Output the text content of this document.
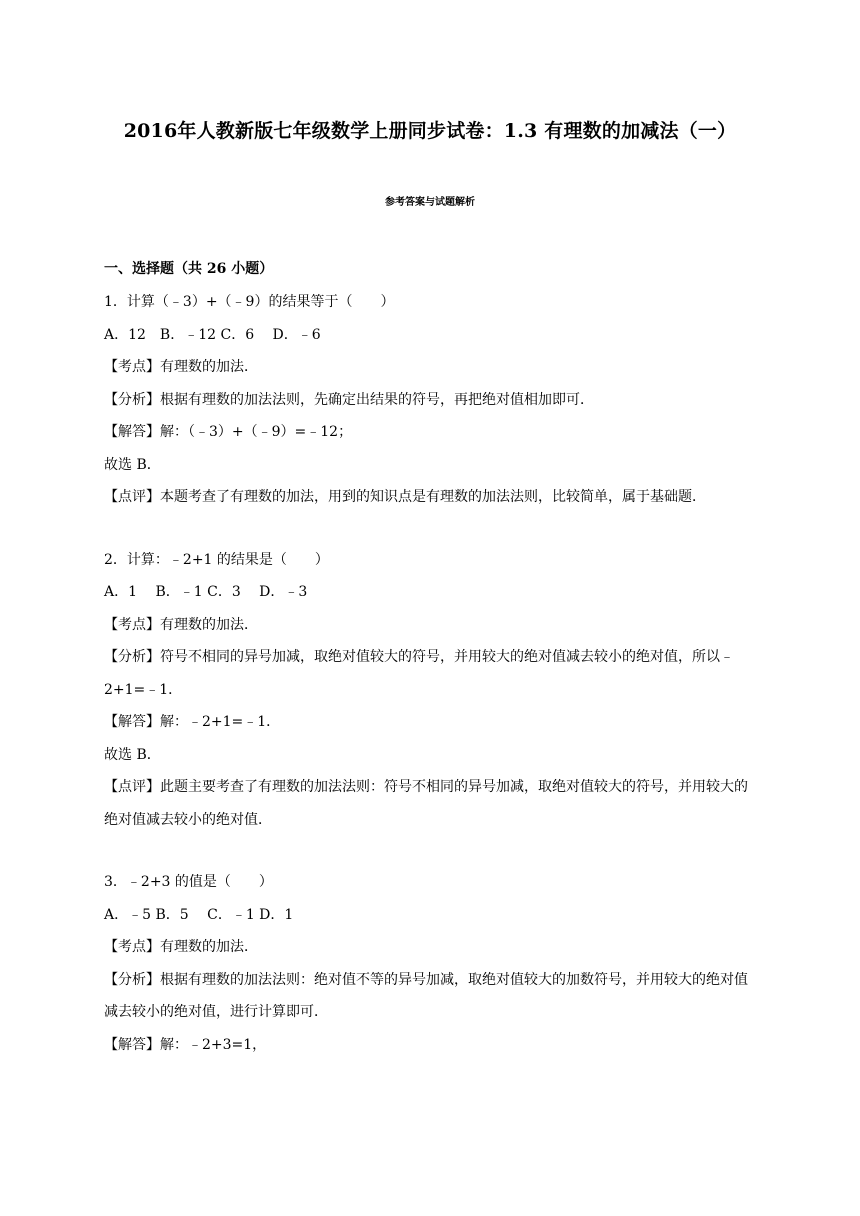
2016年人教新版七年级数学上册同步试卷：1.3 有理数的加减法（一）
参考答案与试题解析
一、选择题（共 26 小题）
1．计算（﹣3）+（﹣9）的结果等于（　　）
A．12　B．﹣12 C．6　 D．﹣6
【考点】有理数的加法．
【分析】根据有理数的加法法则，先确定出结果的符号，再把绝对值相加即可．
【解答】解：（﹣3）+（﹣9）=﹣12；
故选 B．
【点评】本题考查了有理数的加法，用到的知识点是有理数的加法法则，比较简单，属于基础题．
2．计算：﹣2+1 的结果是（　　）
A．1　 B．﹣1 C．3　 D．﹣3
【考点】有理数的加法．
【分析】符号不相同的异号加减，取绝对值较大的符号，并用较大的绝对值减去较小的绝对值，所以﹣2+1=﹣1．
【解答】解：﹣2+1=﹣1．
故选 B．
【点评】此题主要考查了有理数的加法法则：符号不相同的异号加减，取绝对值较大的符号，并用较大的绝对值减去较小的绝对值．
3．﹣2+3 的值是（　　）
A．﹣5 B．5　 C．﹣1 D．1
【考点】有理数的加法．
【分析】根据有理数的加法法则：绝对值不等的异号加减，取绝对值较大的加数符号，并用较大的绝对值减去较小的绝对值，进行计算即可．
【解答】解：﹣2+3=1，
